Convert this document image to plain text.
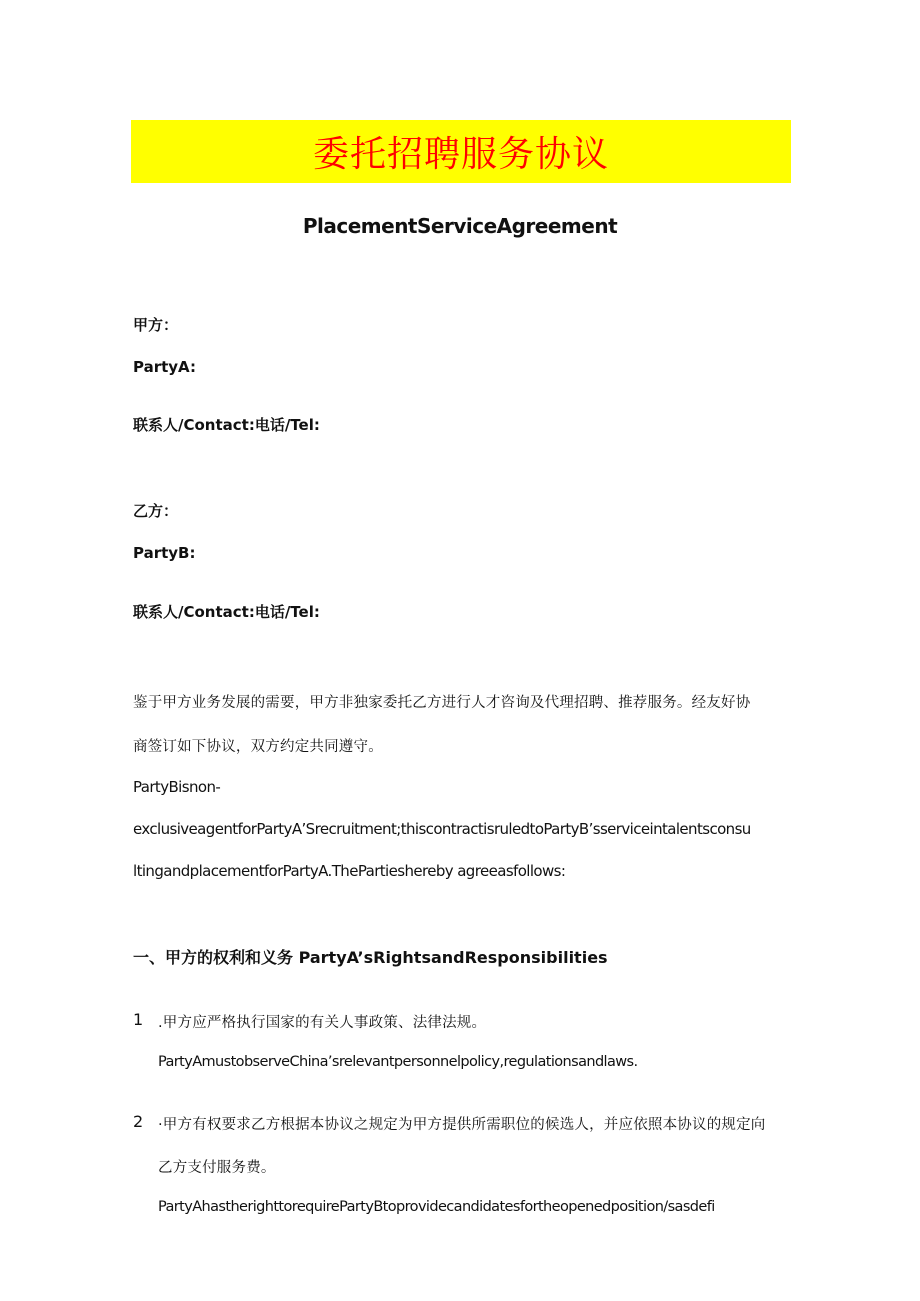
委托招聘服务协议
PlacementServiceAgreement
甲方：
PartyA:
联系人/Contact:电话/Tel:
乙方：
PartyB:
联系人/Contact:电话/Tel:
鉴于甲方业务发展的需要，甲方非独家委托乙方进行人才咨询及代理招聘、推荐服务。经友好协
商签订如下协议，双方约定共同遵守。
PartyBisnon-
exclusiveagentforPartyA’Srecruitment;thiscontractisruledtoPartyB’sserviceintalentsconsu
ltingandplacementforPartyA.ThePartieshereby agreeasfollows:
一、甲方的权利和义务 PartyA’sRightsandResponsibilities
1 .甲方应严格执行国家的有关人事政策、法律法规。
PartyAmustobserveChina’srelevantpersonnelpolicy,regulationsandlaws.
2 ·甲方有权要求乙方根据本协议之规定为甲方提供所需职位的候选人，并应依照本协议的规定向
乙方支付服务费。
PartyAhastherighttorequirePartyBtoprovidecandidatesfortheopenedposition/sasdefi
